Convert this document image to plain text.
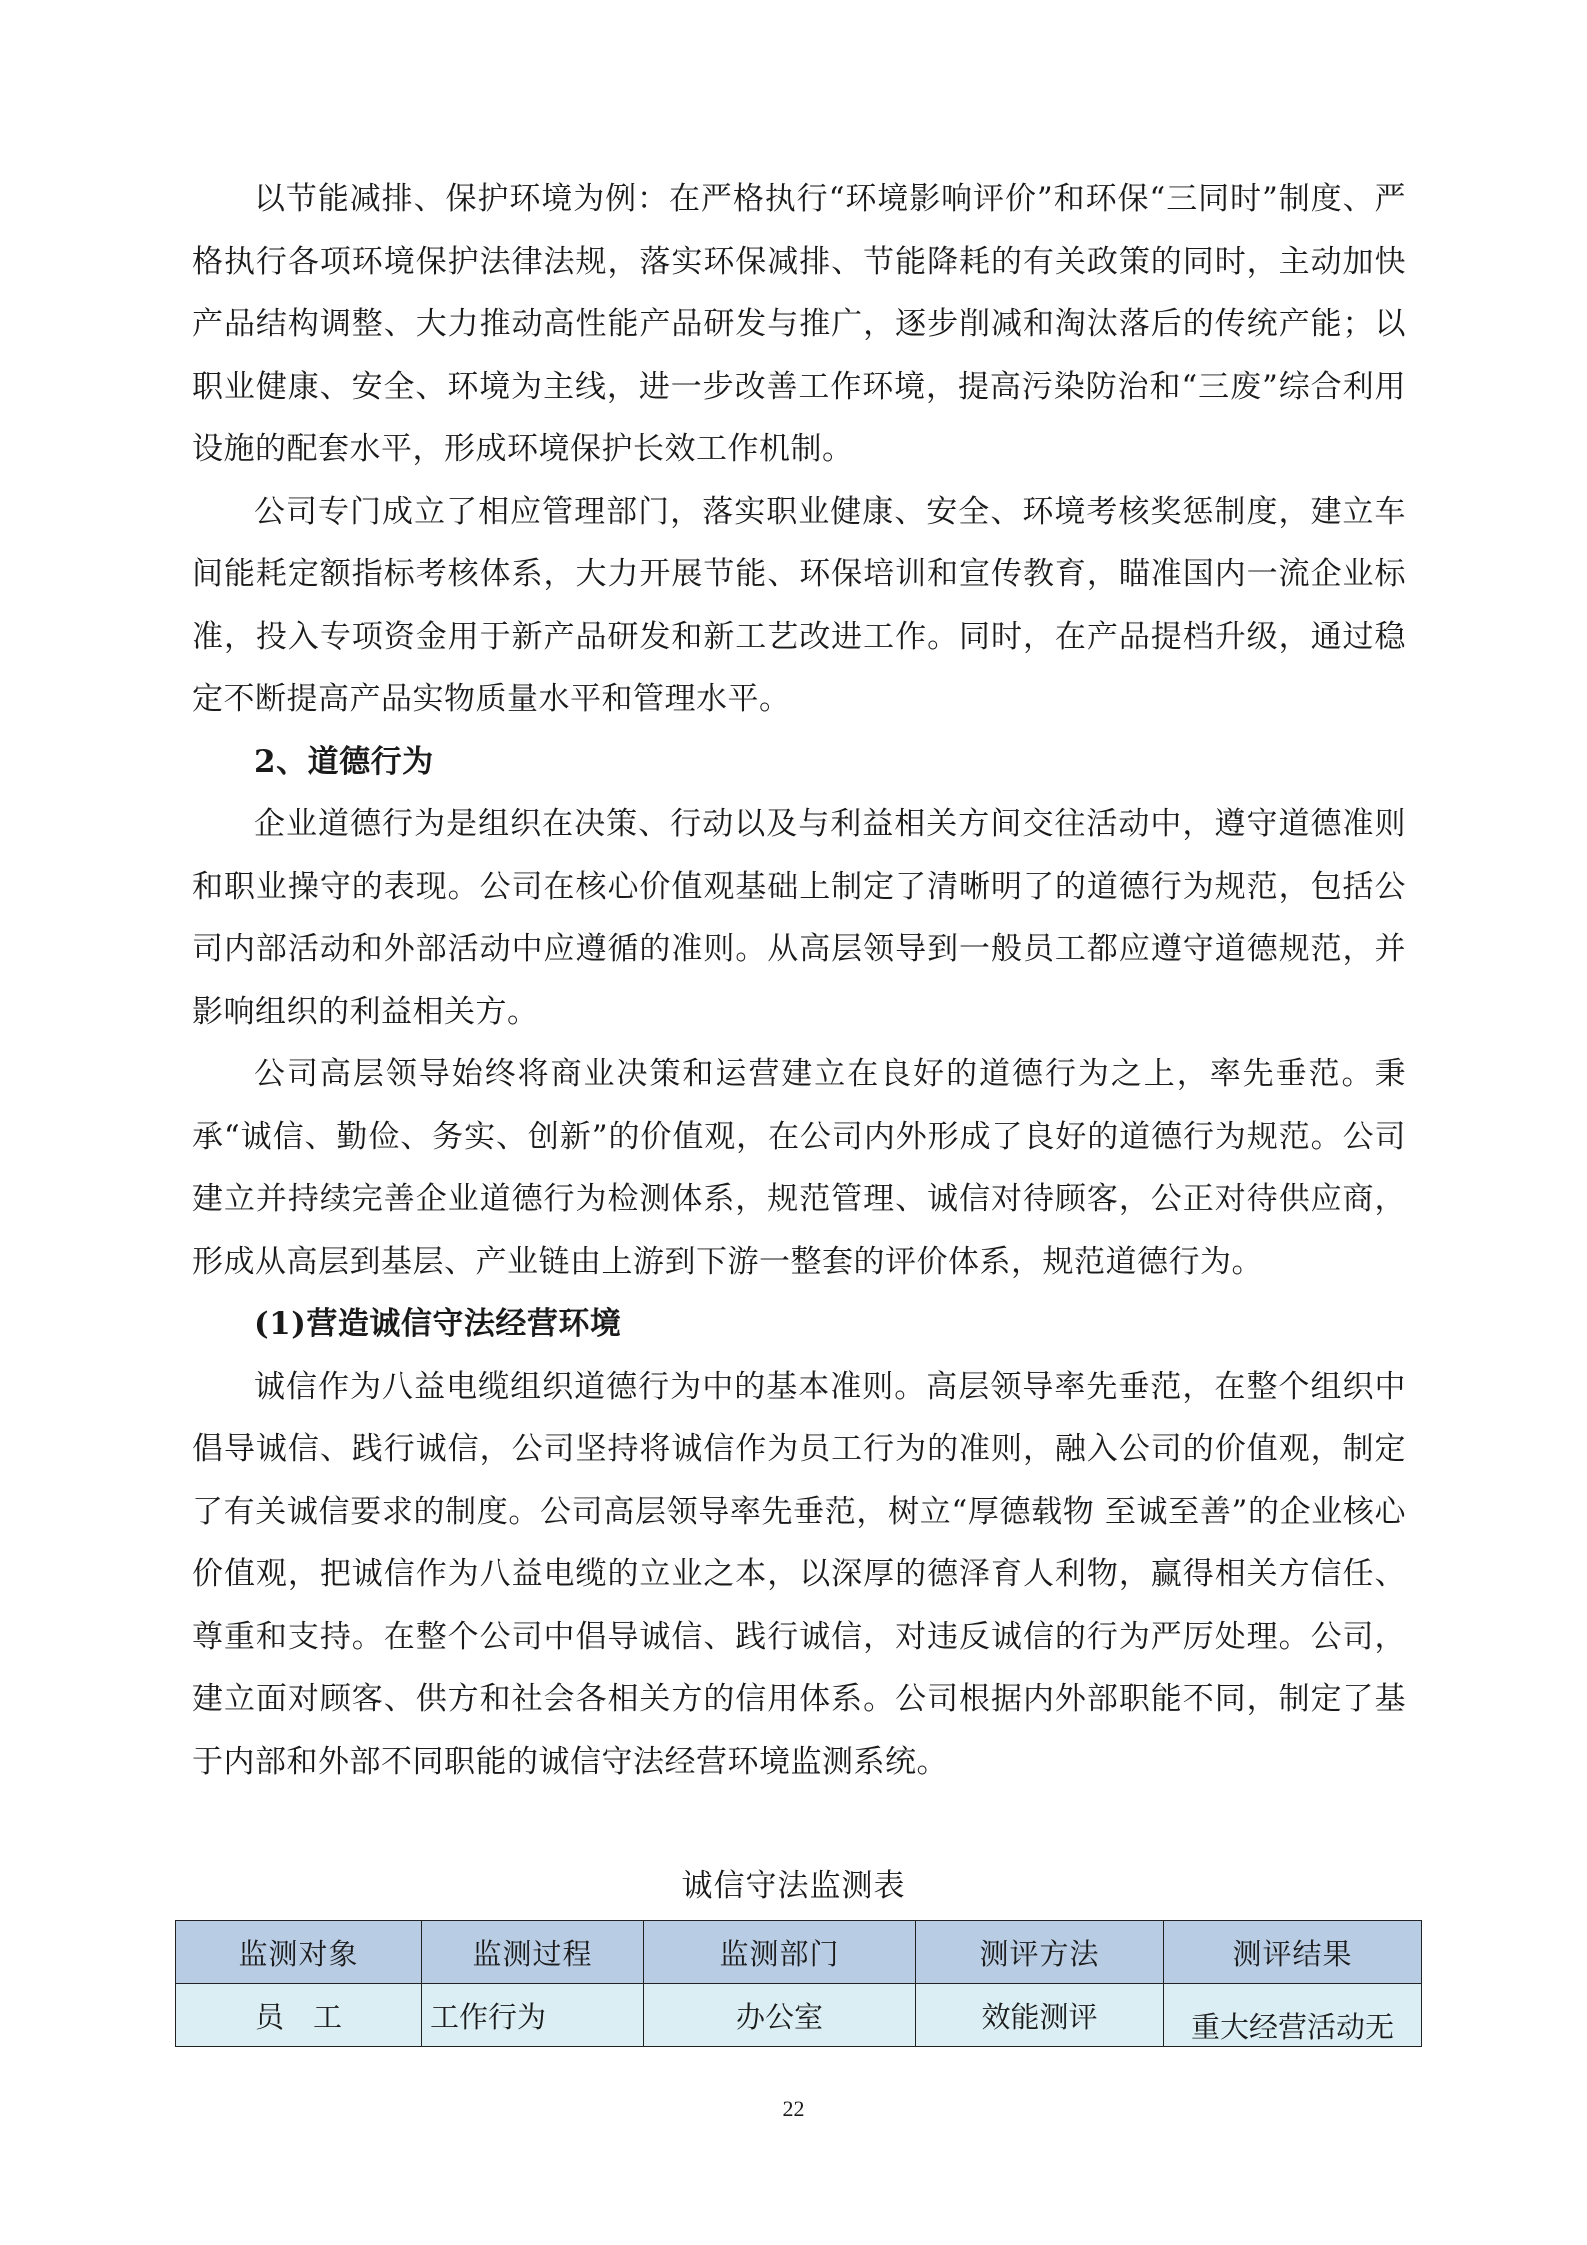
以节能减排、保护环境为例：在严格执行“环境影响评价”和环保“三同时”制度、严格执行各项环境保护法律法规，落实环保减排、节能降耗的有关政策的同时，主动加快产品结构调整、大力推动高性能产品研发与推广，逐步削减和淘汰落后的传统产能；以职业健康、安全、环境为主线，进一步改善工作环境，提高污染防治和“三废”综合利用设施的配套水平，形成环境保护长效工作机制。

公司专门成立了相应管理部门，落实职业健康、安全、环境考核奖惩制度，建立车间能耗定额指标考核体系，大力开展节能、环保培训和宣传教育，瞄准国内一流企业标准，投入专项资金用于新产品研发和新工艺改进工作。同时，在产品提档升级，通过稳定不断提高产品实物质量水平和管理水平。

2、道德行为

企业道德行为是组织在决策、行动以及与利益相关方间交往活动中，遵守道德准则和职业操守的表现。公司在核心价值观基础上制定了清晰明了的道德行为规范，包括公司内部活动和外部活动中应遵循的准则。从高层领导到一般员工都应遵守道德规范，并影响组织的利益相关方。

公司高层领导始终将商业决策和运营建立在良好的道德行为之上，率先垂范。秉承“诚信、勤俭、务实、创新”的价值观，在公司内外形成了良好的道德行为规范。公司建立并持续完善企业道德行为检测体系，规范管理、诚信对待顾客，公正对待供应商，形成从高层到基层、产业链由上游到下游一整套的评价体系，规范道德行为。

(1)营造诚信守法经营环境

诚信作为八益电缆组织道德行为中的基本准则。高层领导率先垂范，在整个组织中倡导诚信、践行诚信，公司坚持将诚信作为员工行为的准则，融入公司的价值观，制定了有关诚信要求的制度。公司高层领导率先垂范，树立“厚德载物 至诚至善”的企业核心价值观，把诚信作为八益电缆的立业之本，以深厚的德泽育人利物，赢得相关方信任、尊重和支持。在整个公司中倡导诚信、践行诚信，对违反诚信的行为严厉处理。公司，建立面对顾客、供方和社会各相关方的信用体系。公司根据内外部职能不同，制定了基于内部和外部不同职能的诚信守法经营环境监测系统。

诚信守法监测表
监测对象	监测过程	监测部门	测评方法	测评结果
员　工	工作行为	办公室	效能测评	重大经营活动无
22
